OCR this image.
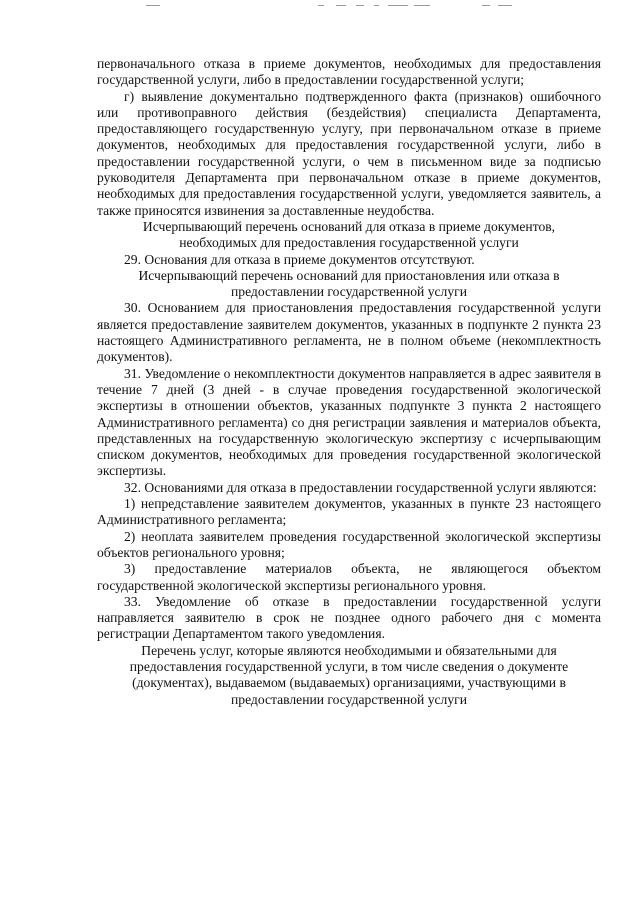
первоначального отказа в приеме документов, необходимых для предоставления государственной услуги, либо в предоставлении государственной услуги;

г) выявление документально подтвержденного факта (признаков) ошибочного или противоправного действия (бездействия) специалиста Департамента, предоставляющего государственную услугу, при первоначальном отказе в приеме документов, необходимых для предоставления государственной услуги, либо в предоставлении государственной услуги, о чем в письменном виде за подписью руководителя Департамента при первоначальном отказе в приеме документов, необходимых для предоставления государственной услуги, уведомляется заявитель, а также приносятся извинения за доставленные неудобства.

Исчерпывающий перечень оснований для отказа в приеме документов, необходимых для предоставления государственной услуги

29. Основания для отказа в приеме документов отсутствуют.

Исчерпывающий перечень оснований для приостановления или отказа в предоставлении государственной услуги

30. Основанием для приостановления предоставления государственной услуги является предоставление заявителем документов, указанных в подпункте 2 пункта 23 настоящего Административного регламента, не в полном объеме (некомплектность документов).

31. Уведомление о некомплектности документов направляется в адрес заявителя в течение 7 дней (3 дней - в случае проведения государственной экологической экспертизы в отношении объектов, указанных подпункте 3 пункта 2 настоящего Административного регламента) со дня регистрации заявления и материалов объекта, представленных на государственную экологическую экспертизу с исчерпывающим списком документов, необходимых для проведения государственной экологической экспертизы.

32. Основаниями для отказа в предоставлении государственной услуги являются:

1) непредставление заявителем документов, указанных в пункте 23 настоящего Административного регламента;

2) неоплата заявителем проведения государственной экологической экспертизы объектов регионального уровня;

3) предоставление материалов объекта, не являющегося объектом государственной экологической экспертизы регионального уровня.

33. Уведомление об отказе в предоставлении государственной услуги направляется заявителю в срок не позднее одного рабочего дня с момента регистрации Департаментом такого уведомления.

Перечень услуг, которые являются необходимыми и обязательными для предоставления государственной услуги, в том числе сведения о документе (документах), выдаваемом (выдаваемых) организациями, участвующими в предоставлении государственной услуги
